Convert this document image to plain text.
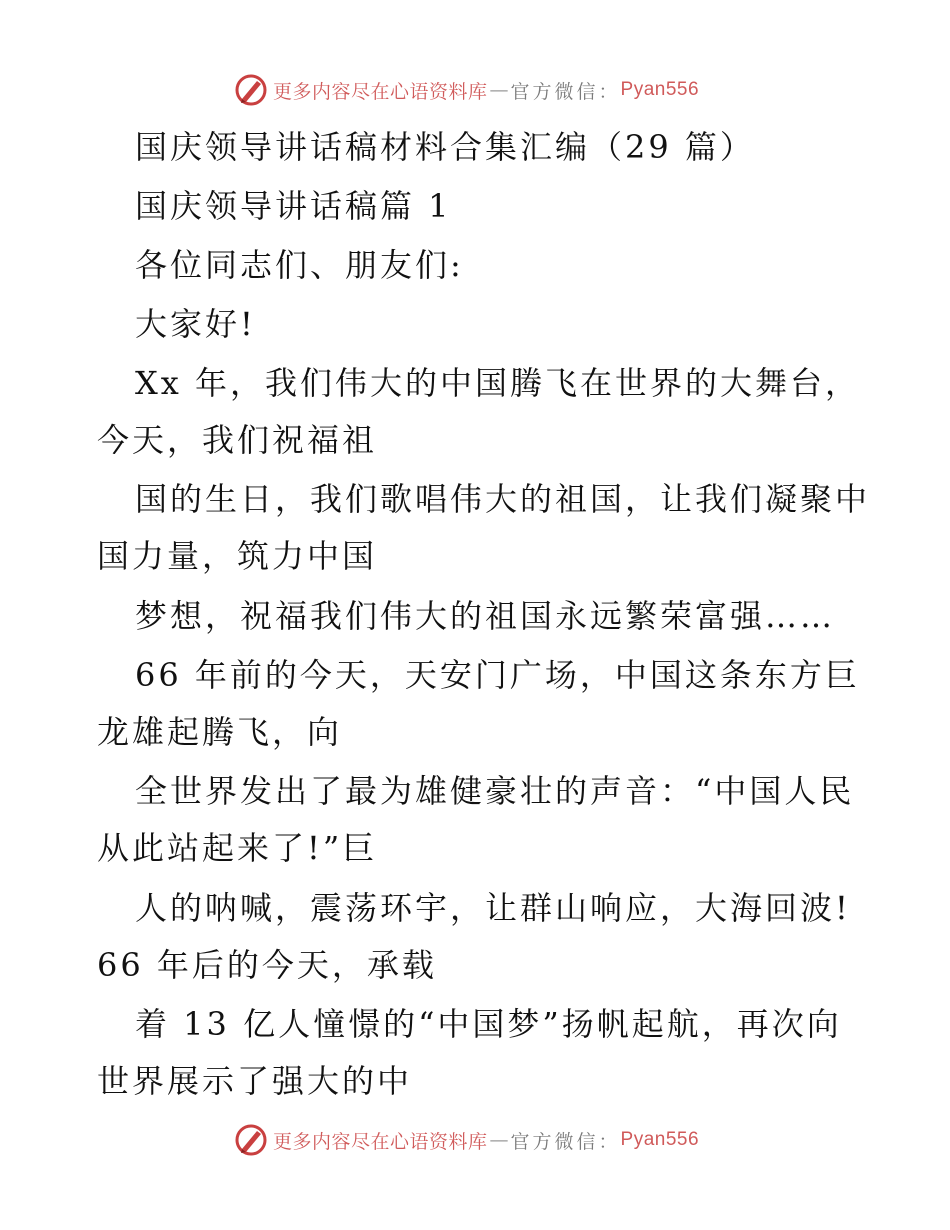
更多内容尽在心语资料库 — 官方微信： Pyan556
国庆领导讲话稿材料合集汇编（29 篇）
国庆领导讲话稿篇 1
各位同志们、朋友们:
大家好!
Xx 年，我们伟大的中国腾飞在世界的大舞台，
今天，我们祝福祖
国的生日，我们歌唱伟大的祖国，让我们凝聚中
国力量，筑力中国
梦想，祝福我们伟大的祖国永远繁荣富强……
66 年前的今天，天安门广场，中国这条东方巨
龙雄起腾飞，向
全世界发出了最为雄健豪壮的声音：“中国人民
从此站起来了!”巨
人的呐喊，震荡环宇，让群山响应，大海回波!
66 年后的今天，承载
着 13 亿人憧憬的“中国梦”扬帆起航，再次向
世界展示了强大的中
更多内容尽在心语资料库 — 官方微信： Pyan556
